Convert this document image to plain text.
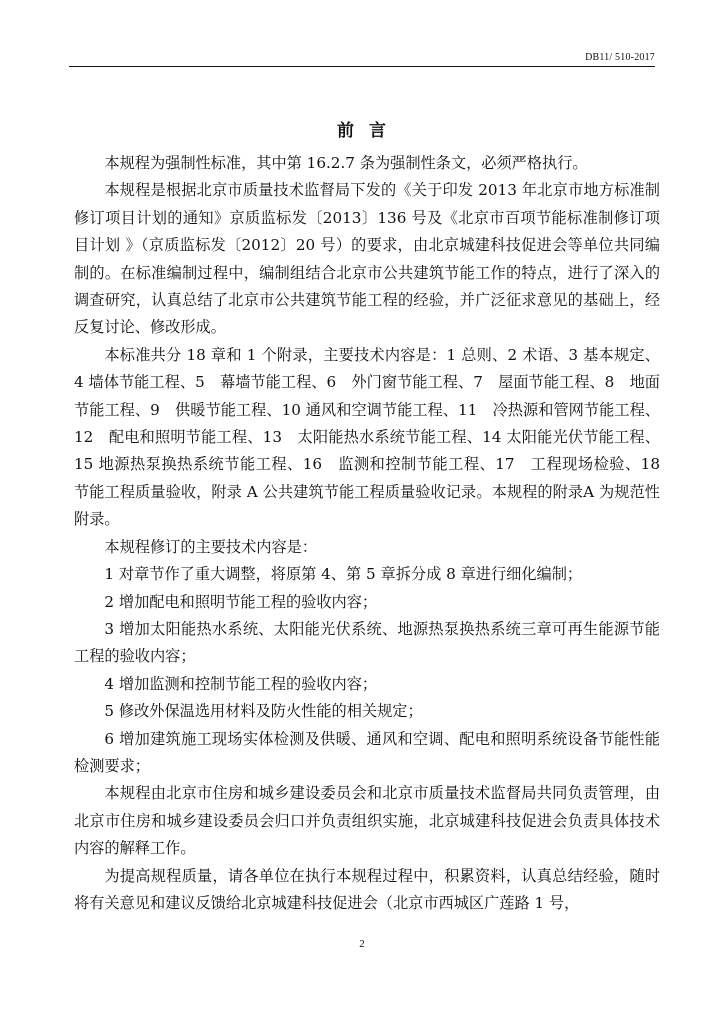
DB11/ 510-2017
前言

本规程为强制性标准，其中第 16.2.7 条为强制性条文，必须严格执行。

本规程是根据北京市质量技术监督局下发的《关于印发 2013 年北京市地方标准制修订项目计划的通知》京质监标发〔2013〕136 号及《北京市百项节能标准制修订项目计划 》（京质监标发〔2012〕20 号）的要求，由北京城建科技促进会等单位共同编制的。在标准编制过程中，编制组结合北京市公共建筑节能工作的特点，进行了深入的调查研究，认真总结了北京市公共建筑节能工程的经验，并广泛征求意见的基础上，经反复讨论、修改形成。

本标准共分 18 章和 1 个附录，主要技术内容是：1 总则、2 术语、3 基本规定、4 墙体节能工程、5　幕墙节能工程、6　外门窗节能工程、7　屋面节能工程、8　地面节能工程、9　供暖节能工程、10 通风和空调节能工程、11　冷热源和管网节能工程、12　配电和照明节能工程、13　太阳能热水系统节能工程、14 太阳能光伏节能工程、15 地源热泵换热系统节能工程、16　监测和控制节能工程、17　工程现场检验、18　节能工程质量验收，附录 A 公共建筑节能工程质量验收记录。本规程的附录A 为规范性附录。

本规程修订的主要技术内容是：

1 对章节作了重大调整，将原第 4、第 5 章拆分成 8 章进行细化编制；

2 增加配电和照明节能工程的验收内容；

3 增加太阳能热水系统、太阳能光伏系统、地源热泵换热系统三章可再生能源节能工程的验收内容；

4 增加监测和控制节能工程的验收内容；

5 修改外保温选用材料及防火性能的相关规定；

6 增加建筑施工现场实体检测及供暖、通风和空调、配电和照明系统设备节能性能检测要求；

本规程由北京市住房和城乡建设委员会和北京市质量技术监督局共同负责管理，由北京市住房和城乡建设委员会归口并负责组织实施，北京城建科技促进会负责具体技术内容的解释工作。

为提高规程质量，请各单位在执行本规程过程中，积累资料，认真总结经验，随时将有关意见和建议反馈给北京城建科技促进会（北京市西城区广莲路 1 号，

2
